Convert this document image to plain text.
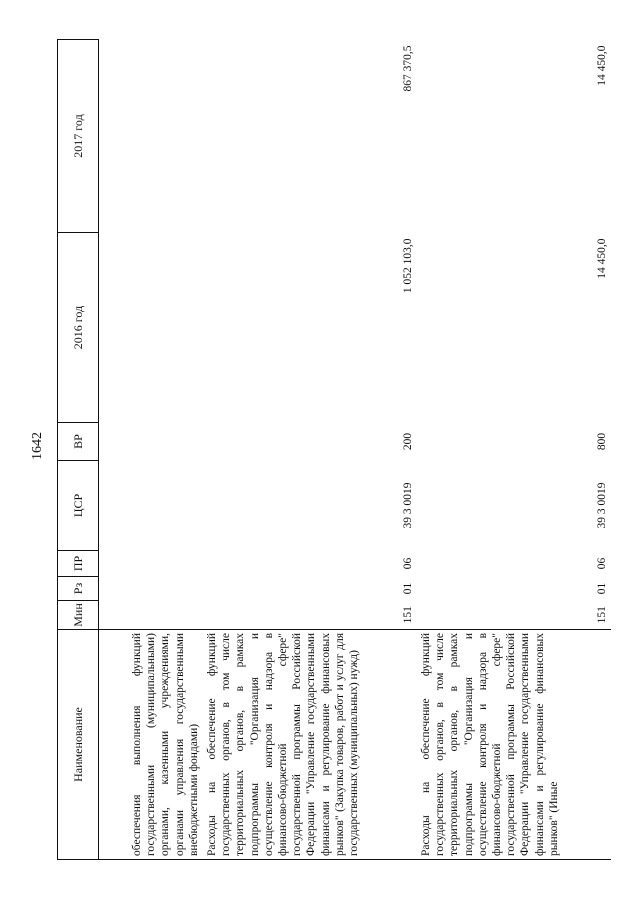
1642
Наименование	Мин	Рз	ПР	ЦСР	ВР	2016 год	2017 год
обеспечения выполнения функций государственными (муниципальными) органами, казенными учреждениями, органами управления государственными внебюджетными фондами)							
Расходы на обеспечение функций государственных органов, в том числе территориальных органов, в рамках подпрограммы "Организация и осуществление контроля и надзора в финансово-бюджетной сфере" государственной программы Российской Федерации "Управление государственными финансами и регулирование финансовых рынков" (Закупка товаров, работ и услуг для государственных (муниципальных) нужд)	151	01	06	39 3 0019	200	1 052 103,0	867 370,5
Расходы на обеспечение функций государственных органов, в том числе территориальных органов, в рамках подпрограммы "Организация и осуществление контроля и надзора в финансово-бюджетной сфере" государственной программы Российской Федерации "Управление государственными финансами и регулирование финансовых рынков" (Иные	151	01	06	39 3 0019	800	14 450,0	14 450,0
